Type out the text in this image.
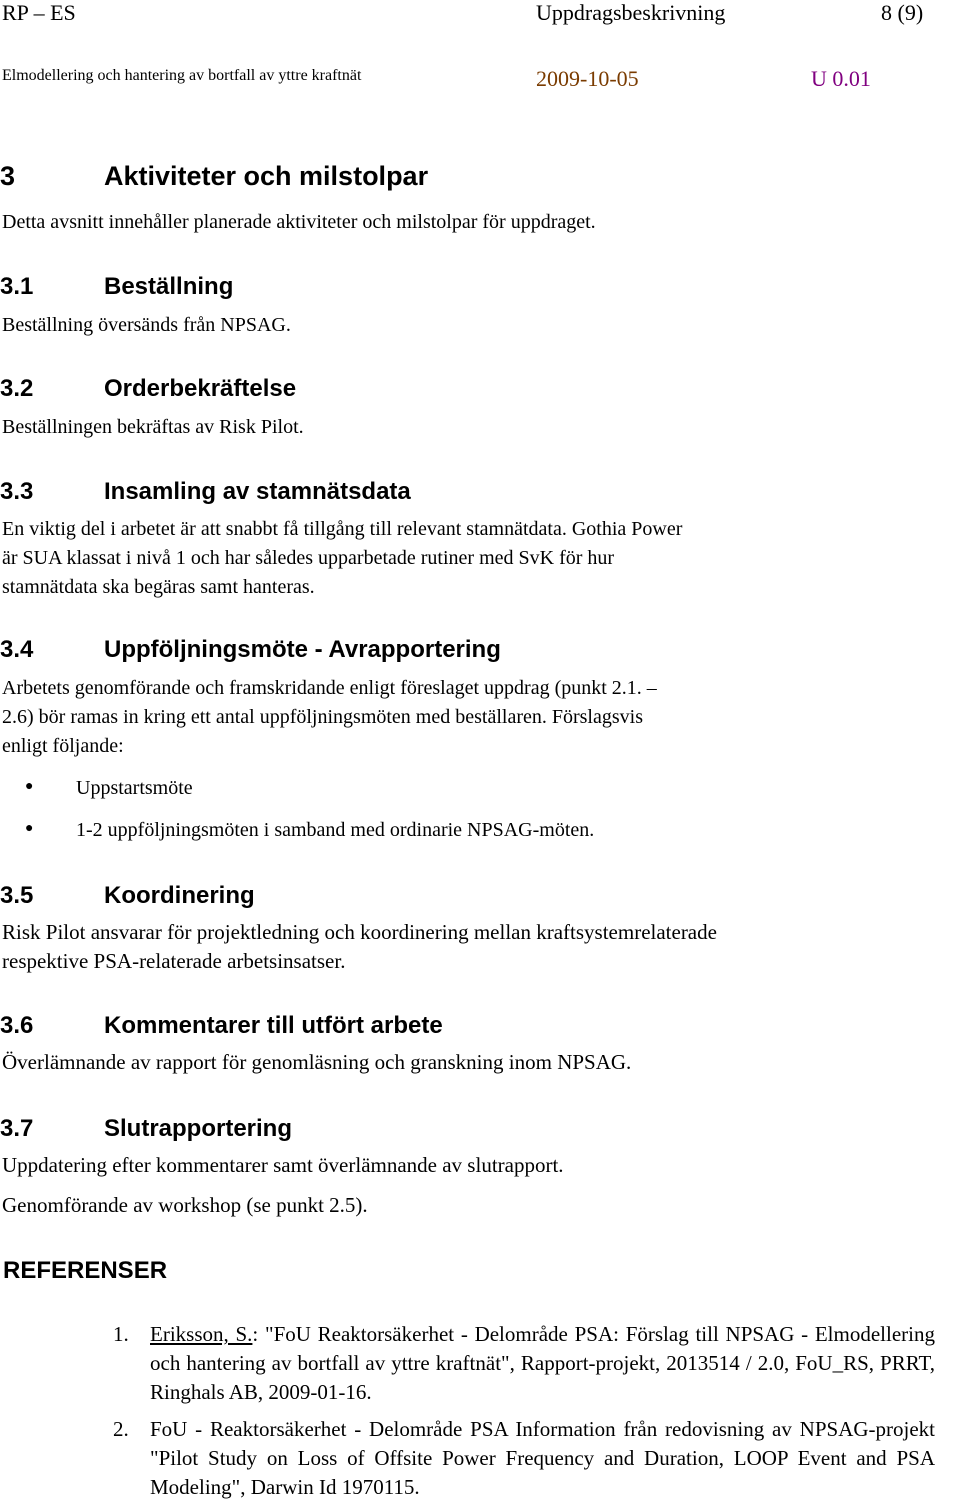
RP – ES	Uppdragsbeskrivning	8 (9)
Elmodellering och hantering av bortfall av yttre kraftnät	2009-10-05	U 0.01
3	Aktiviteter och milstolpar
Detta avsnitt innehåller planerade aktiviteter och milstolpar för uppdraget.
3.1	Beställning
Beställning översänds från NPSAG.
3.2	Orderbekräftelse
Beställningen bekräftas av Risk Pilot.
3.3	Insamling av stamnätsdata
En viktig del i arbetet är att snabbt få tillgång till relevant stamnätdata. Gothia Power
är SUA klassat i nivå 1 och har således upparbetade rutiner med SvK för hur
stamnätdata ska begäras samt hanteras.
3.4	Uppföljningsmöte - Avrapportering
Arbetets genomförande och framskridande enligt föreslaget uppdrag (punkt 2.1. –
2.6) bör ramas in kring ett antal uppföljningsmöten med beställaren. Förslagsvis
enligt följande:
● Uppstartsmöte
● 1-2 uppföljningsmöten i samband med ordinarie NPSAG-möten.
3.5	Koordinering
Risk Pilot ansvarar för projektledning och koordinering mellan kraftsystemrelaterade
respektive PSA-relaterade arbetsinsatser.
3.6	Kommentarer till utfört arbete
Överlämnande av rapport för genomläsning och granskning inom NPSAG.
3.7	Slutrapportering
Uppdatering efter kommentarer samt överlämnande av slutrapport.
Genomförande av workshop (se punkt 2.5).
REFERENSER
1. Eriksson, S.: "FoU Reaktorsäkerhet - Delområde PSA: Förslag till NPSAG - Elmodellering och hantering av bortfall av yttre kraftnät", Rapport-projekt, 2013514 / 2.0, FoU_RS, PRRT, Ringhals AB, 2009-01-16.
2. FoU - Reaktorsäkerhet - Delområde PSA Information från redovisning av NPSAG-projekt "Pilot Study on Loss of Offsite Power Frequency and Duration, LOOP Event and PSA Modeling", Darwin Id 1970115.
